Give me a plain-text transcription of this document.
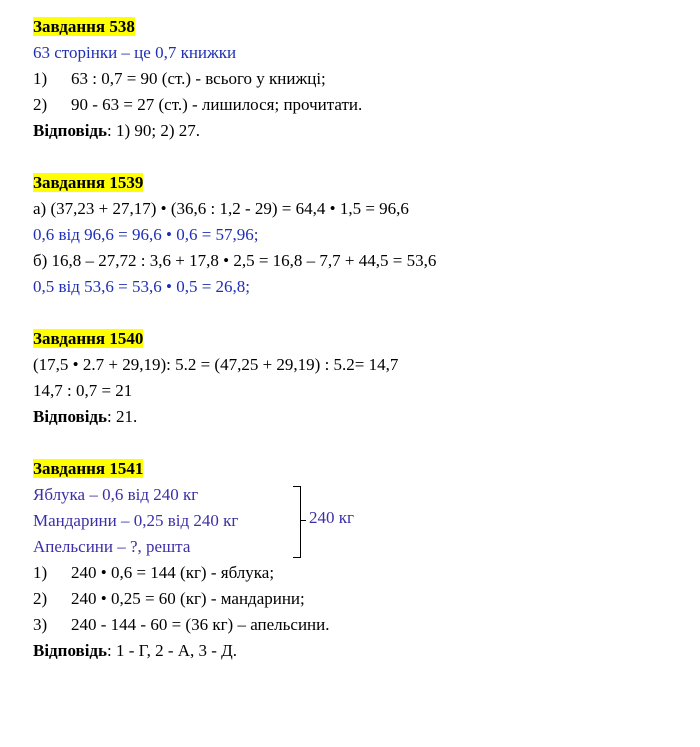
Завдання 538
63 сторінки – це 0,7 книжки
1) 63 : 0,7 = 90 (ст.) - всього у книжці;
2) 90 - 63 = 27 (ст.) - лишилося; прочитати.
Відповідь: 1) 90; 2) 27.
Завдання 1539
а) (37,23 + 27,17) • (36,6 : 1,2 - 29) = 64,4 • 1,5 = 96,6
0,6 від 96,6 = 96,6 • 0,6 = 57,96;
б) 16,8 – 27,72 : 3,6 + 17,8 • 2,5 = 16,8 – 7,7 + 44,5 = 53,6
0,5 від 53,6 = 53,6 • 0,5 = 26,8;
Завдання 1540
(17,5 • 2.7 + 29,19): 5.2 = (47,25 + 29,19) : 5.2= 14,7
14,7 : 0,7 = 21
Відповідь: 21.
Завдання 1541
Яблука – 0,6 від 240 кг
Мандарини – 0,25 від 240 кг
Апельсини – ?, решта
240 кг
1) 240 • 0,6 = 144 (кг) - яблука;
2) 240 • 0,25 = 60 (кг) - мандарини;
3) 240 - 144 - 60 = (36 кг) – апельсини.
Відповідь: 1 - Г, 2 - А, 3 - Д.
